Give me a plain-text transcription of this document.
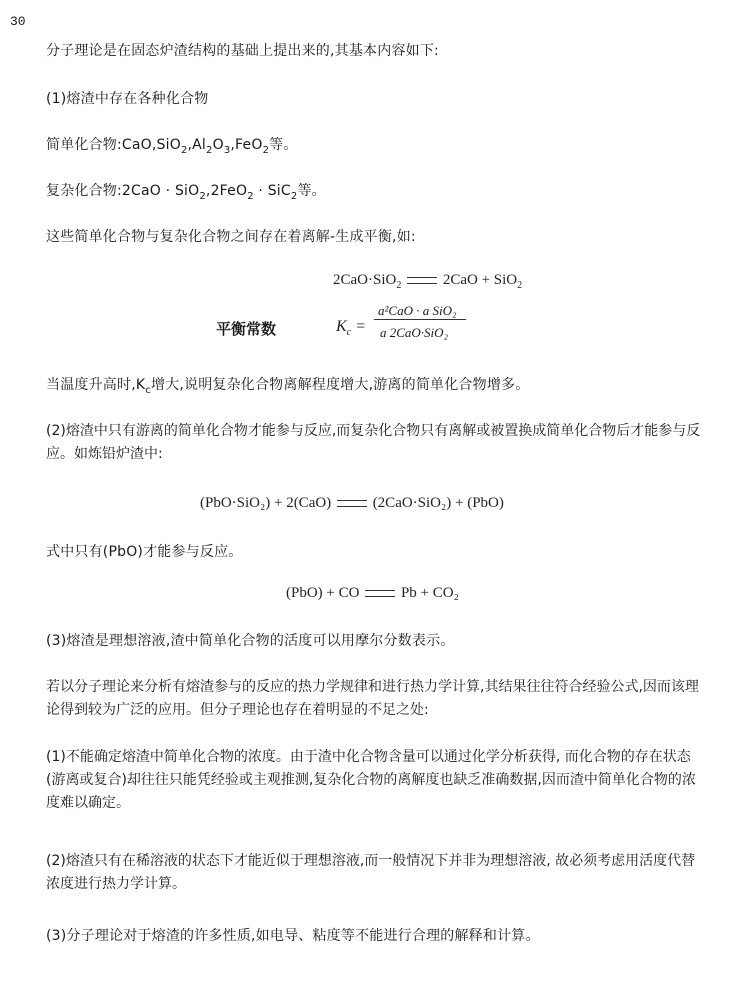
30
分子理论是在固态炉渣结构的基础上提出来的,其基本内容如下:
(1)熔渣中存在各种化合物
简单化合物$:CaO,SiO_2,Al_2O_3,FeO_2$等。
复杂化合物:2CaO · SiO$_2$,2FeO$_2$ · SiC$_2$等。
这些简单化合物与复杂化合物之间存在着离解-生成平衡,如:
2CaO·SiO$_2$	2CaO + SiO$_2$
平衡常数	$K_c$ =
a²CaO · a SiO₂
a 2CaO·SiO₂
当温度升高时$,K_c$增大,说明复杂化合物离解程度增大,游离的简单化合物增多。
(2)熔渣中只有游离的简单化合物才能参与反应,而复杂化合物只有离解或被置换成简单化合物后才能参与反应。如炼铅炉渣中:
(PbO·SiO₂) + 2(CaO)	(2CaO·SiO₂) + (PbO)
式中只有(PbO)才能参与反应。
(PbO) + CO	Pb + CO₂
(3)熔渣是理想溶液,渣中简单化合物的活度可以用摩尔分数表示。
若以分子理论来分析有熔渣参与的反应的热力学规律和进行热力学计算,其结果往往符合经验公式,因而该理论得到较为广泛的应用。但分子理论也存在着明显的不足之处:
(1)不能确定熔渣中简单化合物的浓度。由于渣中化合物含量可以通过化学分析获得, 而化合物的存在状态(游离或复合)却往往只能凭经验或主观推测,复杂化合物的离解度也缺乏准确数据,因而渣中简单化合物的浓度难以确定。
(2)熔渣只有在稀溶液的状态下才能近似于理想溶液,而一般情况下并非为理想溶液, 故必须考虑用活度代替浓度进行热力学计算。
(3)分子理论对于熔渣的许多性质,如电导、粘度等不能进行合理的解释和计算。
